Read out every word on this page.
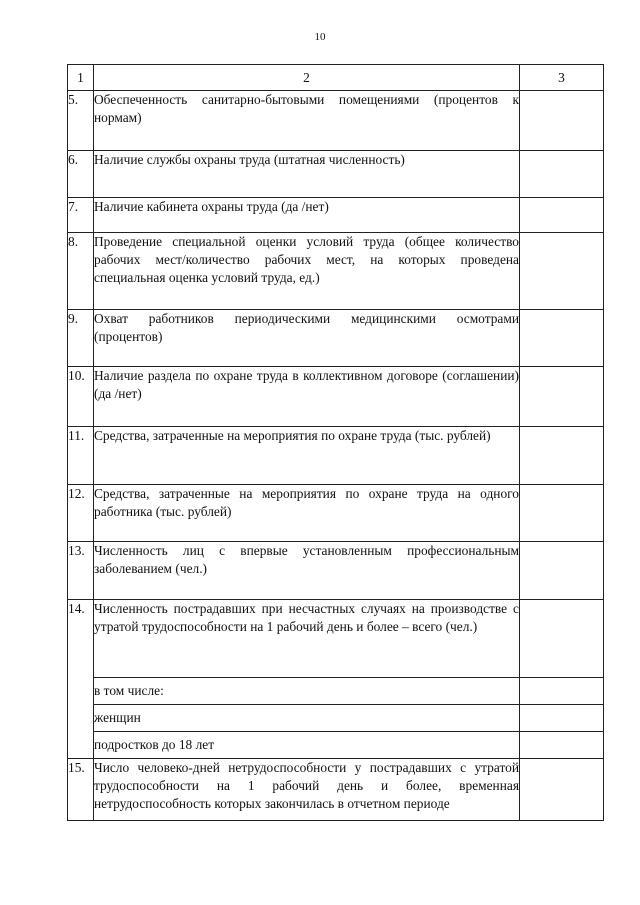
10
1	2	3
5.	Обеспеченность санитарно-бытовыми помещениями (процентов к нормам)	
6.	Наличие службы охраны труда (штатная численность)	
7.	Наличие кабинета охраны труда (да /нет)	
8.	Проведение специальной оценки условий труда (общее количество рабочих мест/количество рабочих мест, на которых проведена специальная оценка условий труда, ед.)	
9.	Охват работников периодическими медицинскими осмотрами (процентов)	
10.	Наличие раздела по охране труда в коллективном договоре (соглашении) (да /нет)	
11.	Средства, затраченные на мероприятия по охране труда (тыс. рублей)	
12.	Средства, затраченные на мероприятия по охране труда на одного работника (тыс. рублей)	
13.	Численность лиц с впервые установленным профессиональным заболеванием (чел.)	
14.	Численность пострадавших при несчастных случаях на производстве с утратой трудоспособности на 1 рабочий день и более – всего (чел.)	
	в том числе:	
	женщин	
	подростков до 18 лет	
15.	Число человеко-дней нетрудоспособности у пострадавших с утратой трудоспособности на 1 рабочий день и более, временная нетрудоспособность которых закончилась в отчетном периоде	
